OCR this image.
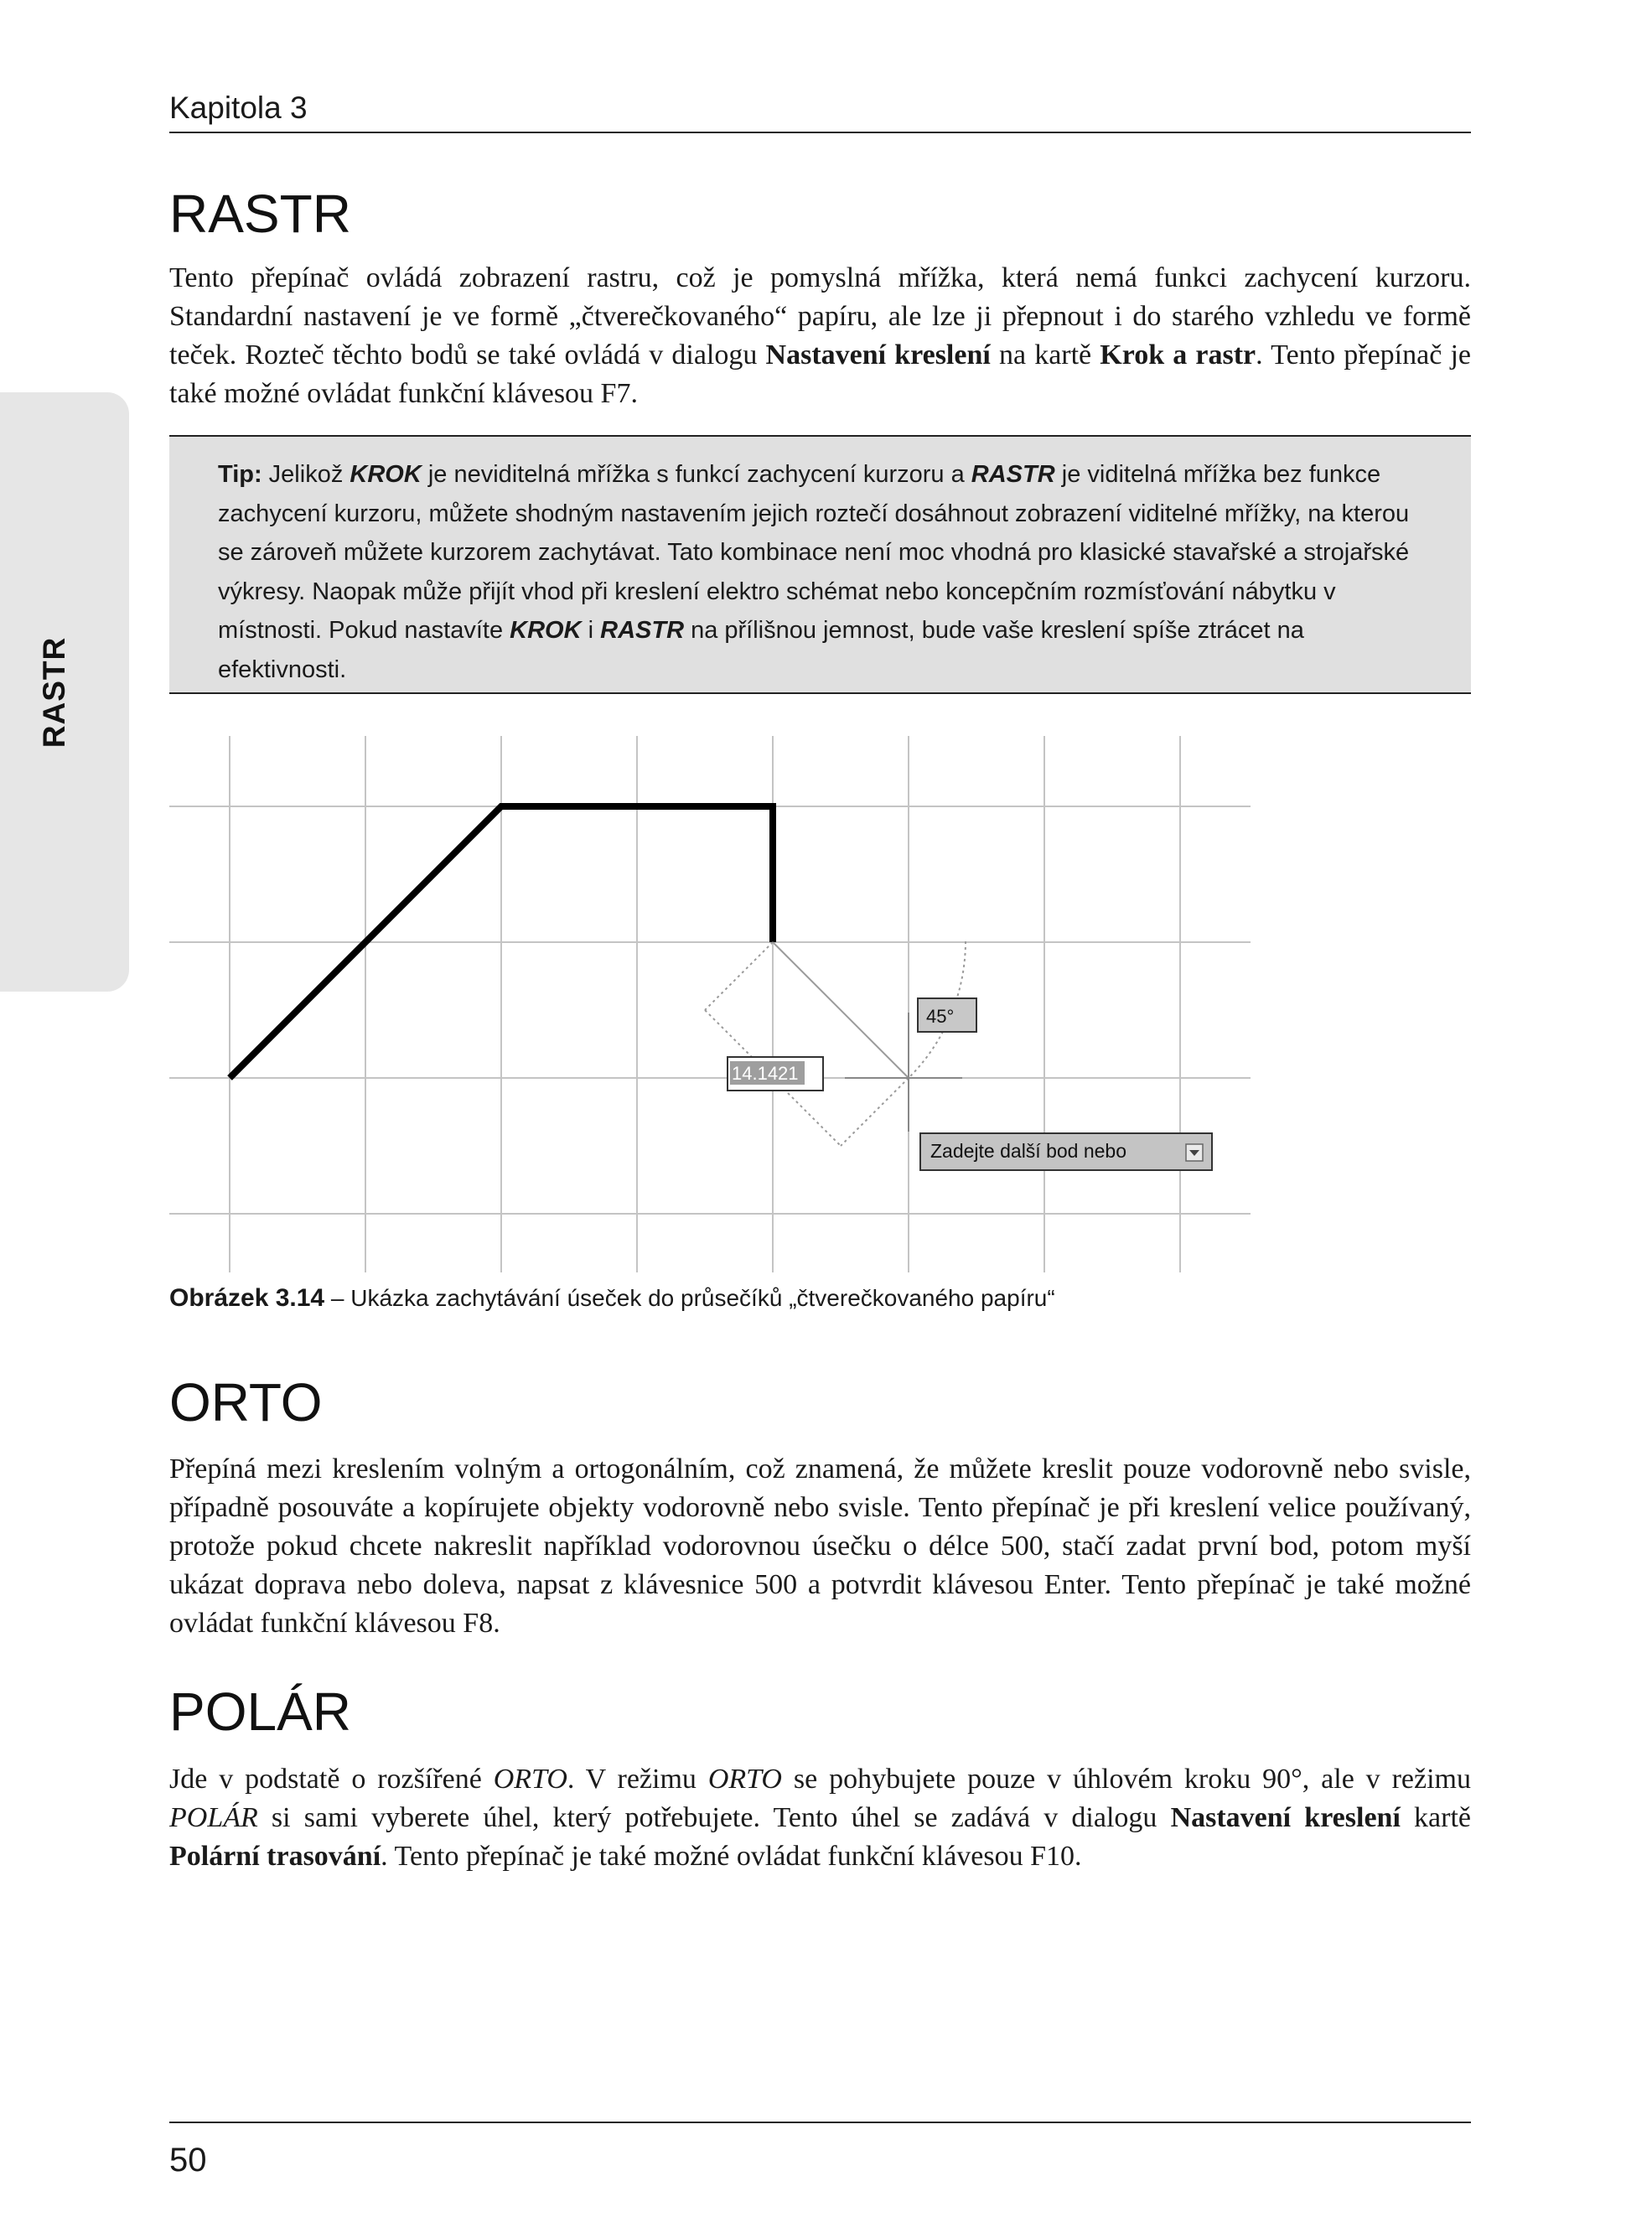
Kapitola 3
RASTR
RASTR

Tento přepínač ovládá zobrazení rastru, což je pomyslná mřížka, která nemá funkci zachycení kurzoru. Standardní nastavení je ve formě „čtverečkovaného“ papíru, ale lze ji přepnout i do starého vzhledu ve formě teček. Rozteč těchto bodů se také ovládá v dialogu Nastavení kreslení na kartě Krok a rastr. Tento přepínač je také možné ovládat funkční klávesou F7.

Tip: Jelikož KROK je neviditelná mřížka s funkcí zachycení kurzoru a RASTR je viditelná mřížka bez funkce zachycení kurzoru, můžete shodným nastavením jejich roztečí dosáhnout zobrazení viditelné mřížky, na kterou se zároveň můžete kurzorem zachytávat. Tato kombinace není moc vhodná pro klasické stavařské a strojařské výkresy. Naopak může přijít vhod při kreslení elektro schémat nebo koncepčním rozmísťování nábytku v místnosti. Pokud nastavíte KROK i RASTR na přílišnou jemnost, bude vaše kreslení spíše ztrácet na efektivnosti.

45°
14.1421
Zadejte další bod nebo
Obrázek 3.14 – Ukázka zachytávání úseček do průsečíků „čtverečkovaného papíru“
ORTO

Přepíná mezi kreslením volným a ortogonálním, což znamená, že můžete kreslit pouze vodorovně nebo svisle, případně posouváte a kopírujete objekty vodorovně nebo svisle. Tento přepínač je při kreslení velice používaný, protože pokud chcete nakreslit například vodorovnou úsečku o délce 500, stačí zadat první bod, potom myší ukázat doprava nebo doleva, napsat z klávesnice 500 a potvrdit klávesou Enter. Tento přepínač je také možné ovládat funkční klávesou F8.

POLÁR

Jde v podstatě o rozšířené ORTO. V režimu ORTO se pohybujete pouze v úhlovém kroku 90°, ale v režimu POLÁR si sami vyberete úhel, který potřebujete. Tento úhel se zadává v dialogu Nastavení kreslení kartě Polární trasování. Tento přepínač je také možné ovládat funkční klávesou F10.

50
